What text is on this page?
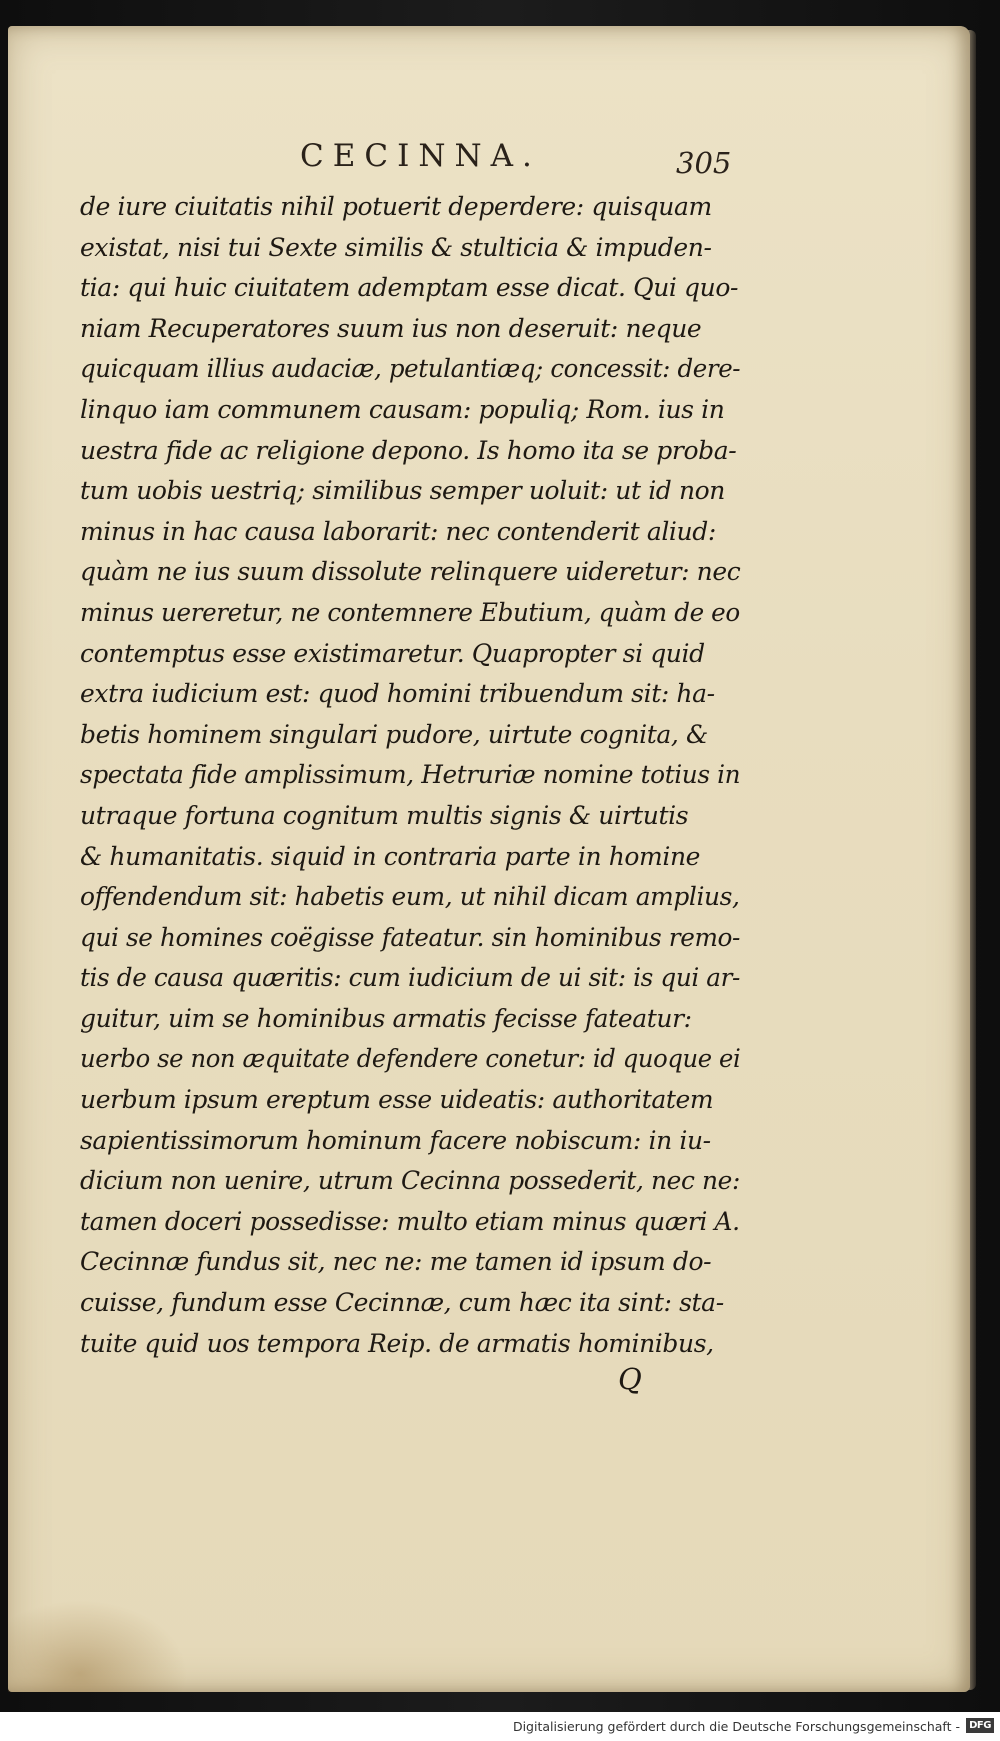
CECINNA.	305
de iure ciuitatis nihil potuerit deperdere: quisquam
existat, nisi tui Sexte similis & stulticia & impuden-
tia: qui huic ciuitatem ademptam esse dicat. Qui quo-
niam Recuperatores suum ius non deseruit: neque
quicquam illius audaciæ, petulantiæq; concessit: dere-
linquo iam communem causam: populiq; Rom. ius in
uestra fide ac religione depono. Is homo ita se proba-
tum uobis uestriq; similibus semper uoluit: ut id non
minus in hac causa laborarit: nec contenderit aliud:
quàm ne ius suum dissolute relinquere uideretur: nec
minus uereretur, ne contemnere Ebutium, quàm de eo
contemptus esse existimaretur. Quapropter si quid
extra iudicium est: quod homini tribuendum sit: ha-
betis hominem singulari pudore, uirtute cognita, &
spectata fide amplissimum, Hetruriæ nomine totius in
utraque fortuna cognitum multis signis & uirtutis
& humanitatis. siquid in contraria parte in homine
offendendum sit: habetis eum, ut nihil dicam amplius,
qui se homines coëgisse fateatur. sin hominibus remo-
tis de causa quæritis: cum iudicium de ui sit: is qui ar-
guitur, uim se hominibus armatis fecisse fateatur:
uerbo se non æquitate defendere conetur: id quoque ei
uerbum ipsum ereptum esse uideatis: authoritatem
sapientissimorum hominum facere nobiscum: in iu-
dicium non uenire, utrum Cecinna possederit, nec ne:
tamen doceri possedisse: multo etiam minus quæri A.
Cecinnæ fundus sit, nec ne: me tamen id ipsum do-
cuisse, fundum esse Cecinnæ, cum hæc ita sint: sta-
tuite quid uos tempora Reip. de armatis hominibus,
Q
Digitalisierung gefördert durch die Deutsche Forschungsgemeinschaft - DFG
